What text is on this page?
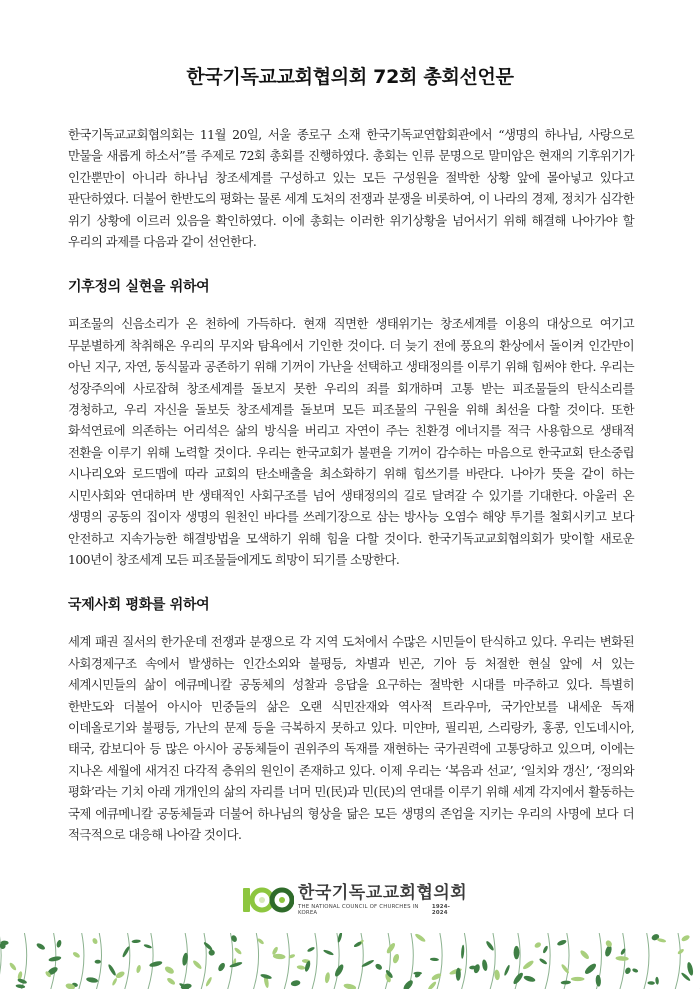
한국기독교교회협의회 72회 총회선언문

한국기독교교회협의회는 11월 20일, 서울 종로구 소재 한국기독교연합회관에서 “생명의 하나님, 사랑으로 만물을 새롭게 하소서”를 주제로 72회 총회를 진행하였다. 총회는 인류 문명으로 말미암은 현재의 기후위기가 인간뿐만이 아니라 하나님 창조세계를 구성하고 있는 모든 구성원을 절박한 상황 앞에 몰아넣고 있다고 판단하였다. 더불어 한반도의 평화는 물론 세계 도처의 전쟁과 분쟁을 비롯하여, 이 나라의 경제, 정치가 심각한 위기 상황에 이르러 있음을 확인하였다. 이에 총회는 이러한 위기상황을 넘어서기 위해 해결해 나아가야 할 우리의 과제를 다음과 같이 선언한다.

기후정의 실현을 위하여

피조물의 신음소리가 온 천하에 가득하다. 현재 직면한 생태위기는 창조세계를 이용의 대상으로 여기고 무분별하게 착취해온 우리의 무지와 탐욕에서 기인한 것이다. 더 늦기 전에 풍요의 환상에서 돌이켜 인간만이 아닌 지구, 자연, 동식물과 공존하기 위해 기꺼이 가난을 선택하고 생태정의를 이루기 위해 힘써야 한다. 우리는 성장주의에 사로잡혀 창조세계를 돌보지 못한 우리의 죄를 회개하며 고통 받는 피조물들의 탄식소리를 경청하고, 우리 자신을 돌보듯 창조세계를 돌보며 모든 피조물의 구원을 위해 최선을 다할 것이다. 또한 화석연료에 의존하는 어리석은 삶의 방식을 버리고 자연이 주는 친환경 에너지를 적극 사용함으로 생태적 전환을 이루기 위해 노력할 것이다. 우리는 한국교회가 불편을 기꺼이 감수하는 마음으로 한국교회 탄소중립 시나리오와 로드맵에 따라 교회의 탄소배출을 최소화하기 위해 힘쓰기를 바란다. 나아가 뜻을 같이 하는 시민사회와 연대하며 반 생태적인 사회구조를 넘어 생태정의의 길로 달려갈 수 있기를 기대한다. 아울러 온 생명의 공동의 집이자 생명의 원천인 바다를 쓰레기장으로 삼는 방사능 오염수 해양 투기를 철회시키고 보다 안전하고 지속가능한 해결방법을 모색하기 위해 힘을 다할 것이다. 한국기독교교회협의회가 맞이할 새로운 100년이 창조세계 모든 피조물들에게도 희망이 되기를 소망한다.

국제사회 평화를 위하여

세계 패권 질서의 한가운데 전쟁과 분쟁으로 각 지역 도처에서 수많은 시민들이 탄식하고 있다. 우리는 변화된 사회경제구조 속에서 발생하는 인간소외와 불평등, 차별과 빈곤, 기아 등 처절한 현실 앞에 서 있는 세계시민들의 삶이 에큐메니칼 공동체의 성찰과 응답을 요구하는 절박한 시대를 마주하고 있다. 특별히 한반도와 더불어 아시아 민중들의 삶은 오랜 식민잔재와 역사적 트라우마, 국가안보를 내세운 독재 이데올로기와 불평등, 가난의 문제 등을 극복하지 못하고 있다. 미얀마, 필리핀, 스리랑카, 홍콩, 인도네시아, 태국, 캄보디아 등 많은 아시아 공동체들이 권위주의 독재를 재현하는 국가권력에 고통당하고 있으며, 이에는 지나온 세월에 새겨진 다각적 층위의 원인이 존재하고 있다. 이제 우리는 ‘복음과 선교’, ‘일치와 갱신’, ‘정의와 평화’라는 기치 아래 개개인의 삶의 자리를 너머 민(民)과 민(民)의 연대를 이루기 위해 세계 각지에서 활동하는 국제 에큐메니칼 공동체들과 더불어 하나님의 형상을 닮은 모든 생명의 존엄을 지키는 우리의 사명에 보다 더 적극적으로 대응해 나아갈 것이다.

한국기독교교회협의회
THE NATIONAL COUNCIL OF CHURCHES IN KOREA
1924-2024
